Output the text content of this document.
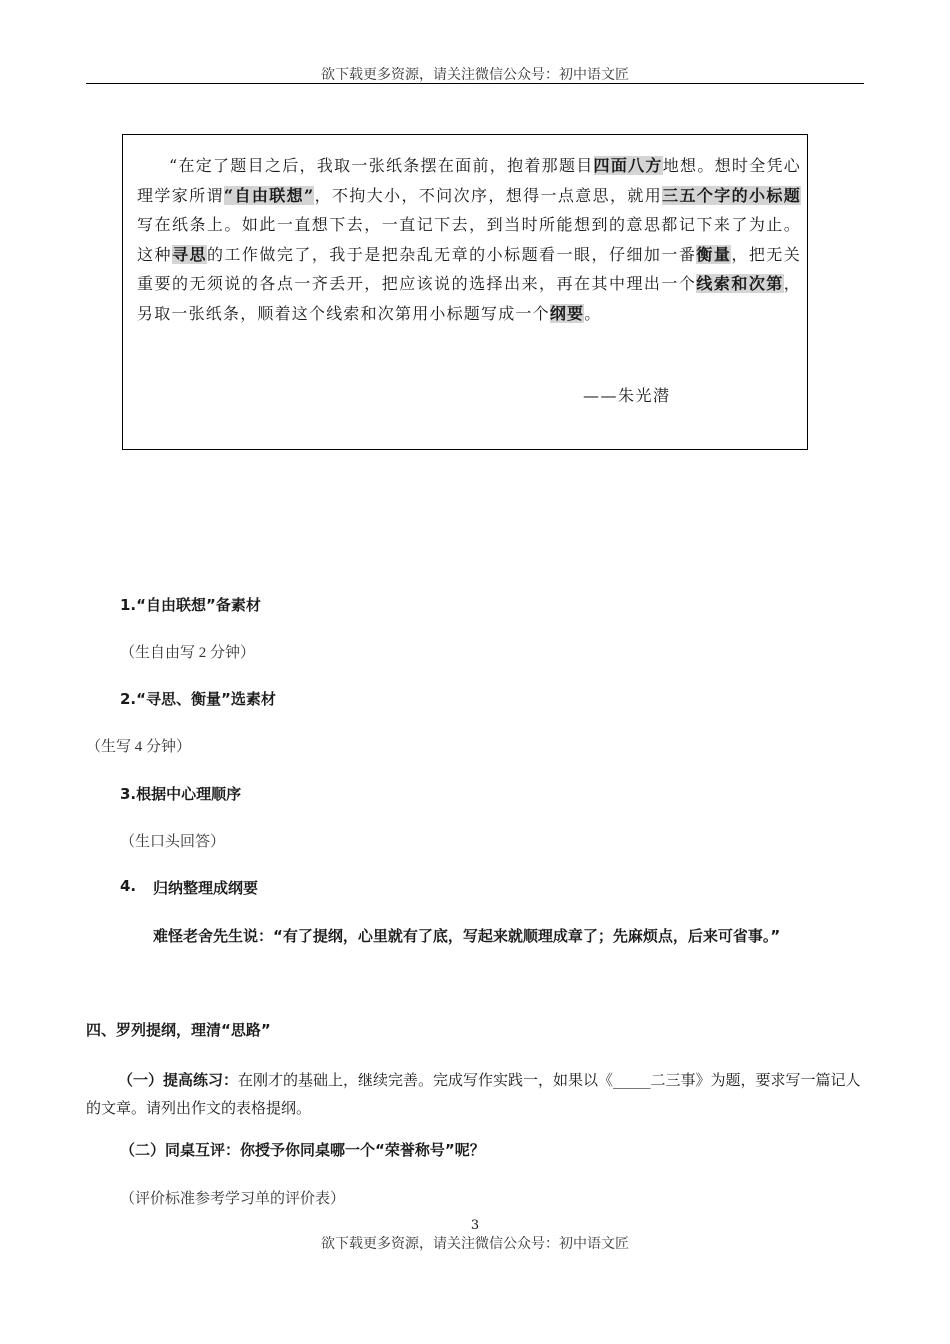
欲下载更多资源，请关注微信公众号：初中语文匠
“在定了题目之后，我取一张纸条摆在面前，抱着那题目四面八方地想。想时全凭心理学家所谓“自由联想”，不拘大小，不问次序，想得一点意思，就用三五个字的小标题写在纸条上。如此一直想下去，一直记下去，到当时所能想到的意思都记下来了为止。这种寻思的工作做完了，我于是把杂乱无章的小标题看一眼，仔细加一番衡量，把无关重要的无须说的各点一齐丢开，把应该说的选择出来，再在其中理出一个线索和次第，另取一张纸条，顺着这个线索和次第用小标题写成一个纲要。
——朱光潜
1.“自由联想”备素材
（生自由写 2 分钟）
2.“寻思、衡量”选素材
（生写 4 分钟）
3.根据中心理顺序
（生口头回答）
4. 归纳整理成纲要
难怪老舍先生说：“有了提纲，心里就有了底，写起来就顺理成章了；先麻烦点，后来可省事。”
四、罗列提纲，理清“思路”
（一）提高练习：在刚才的基础上，继续完善。完成写作实践一，如果以《_____二三事》为题，要求写一篇记人的文章。请列出作文的表格提纲。
（二）同桌互评：你授予你同桌哪一个“荣誉称号”呢？
（评价标准参考学习单的评价表）
3
欲下载更多资源，请关注微信公众号：初中语文匠
